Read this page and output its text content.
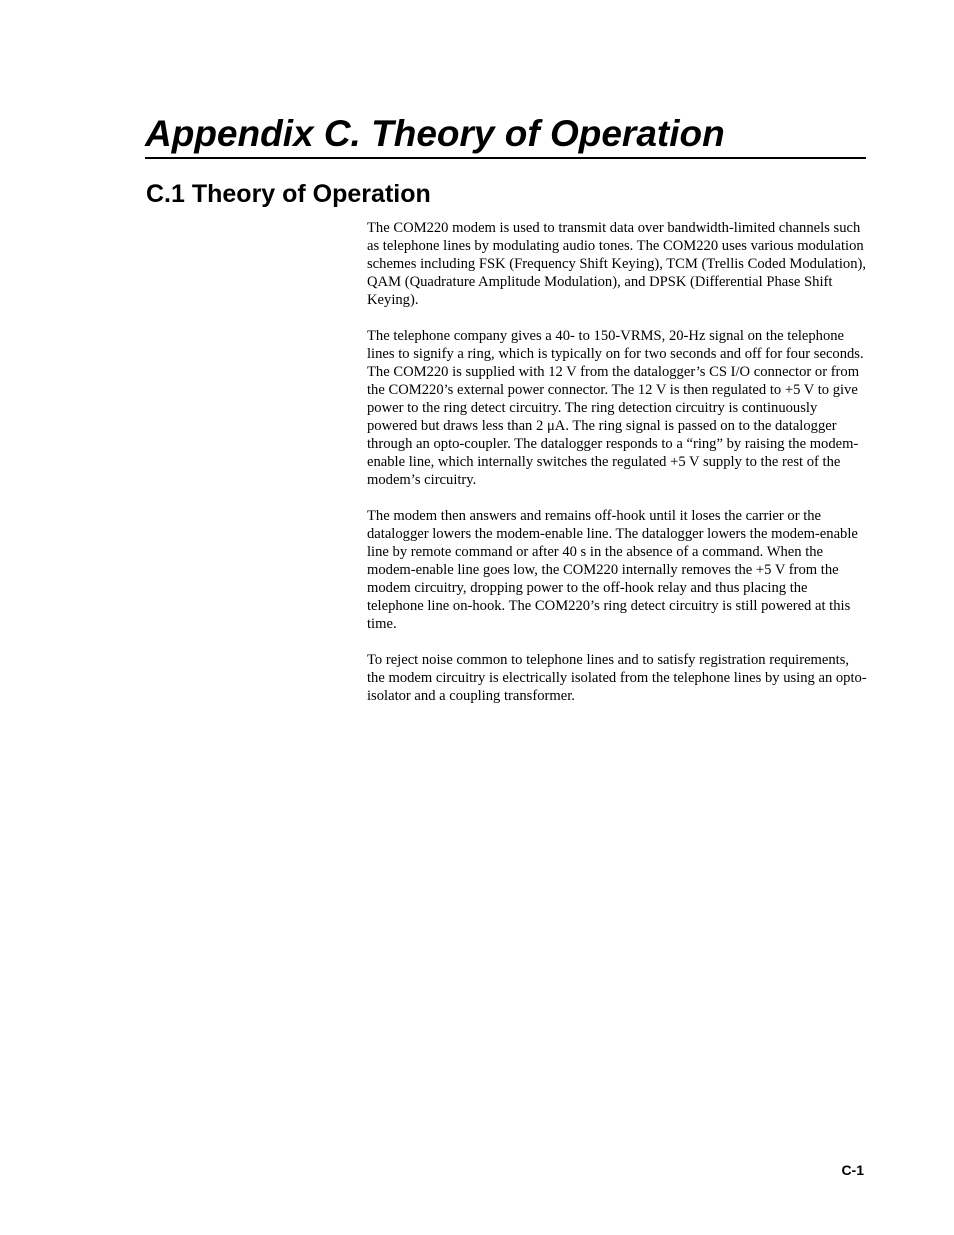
Appendix C. Theory of Operation
C.1 Theory of Operation

The COM220 modem is used to transmit data over bandwidth-limited channels such as telephone lines by modulating audio tones. The COM220 uses various modulation schemes including FSK (Frequency Shift Keying), TCM (Trellis Coded Modulation), QAM (Quadrature Amplitude Modulation), and DPSK (Differential Phase Shift Keying).

The telephone company gives a 40- to 150-VRMS, 20-Hz signal on the telephone lines to signify a ring, which is typically on for two seconds and off for four seconds. The COM220 is supplied with 12 V from the datalogger’s CS I/O connector or from the COM220’s external power connector. The 12 V is then regulated to +5 V to give power to the ring detect circuitry. The ring detection circuitry is continuously powered but draws less than 2 μA. The ring signal is passed on to the datalogger through an opto-coupler. The datalogger responds to a “ring” by raising the modem-enable line, which internally switches the regulated +5 V supply to the rest of the modem’s circuitry.

The modem then answers and remains off-hook until it loses the carrier or the datalogger lowers the modem-enable line. The datalogger lowers the modem-enable line by remote command or after 40 s in the absence of a command. When the modem-enable line goes low, the COM220 internally removes the +5 V from the modem circuitry, dropping power to the off-hook relay and thus placing the telephone line on-hook. The COM220’s ring detect circuitry is still powered at this time.

To reject noise common to telephone lines and to satisfy registration requirements, the modem circuitry is electrically isolated from the telephone lines by using an opto-isolator and a coupling transformer.

C-1
